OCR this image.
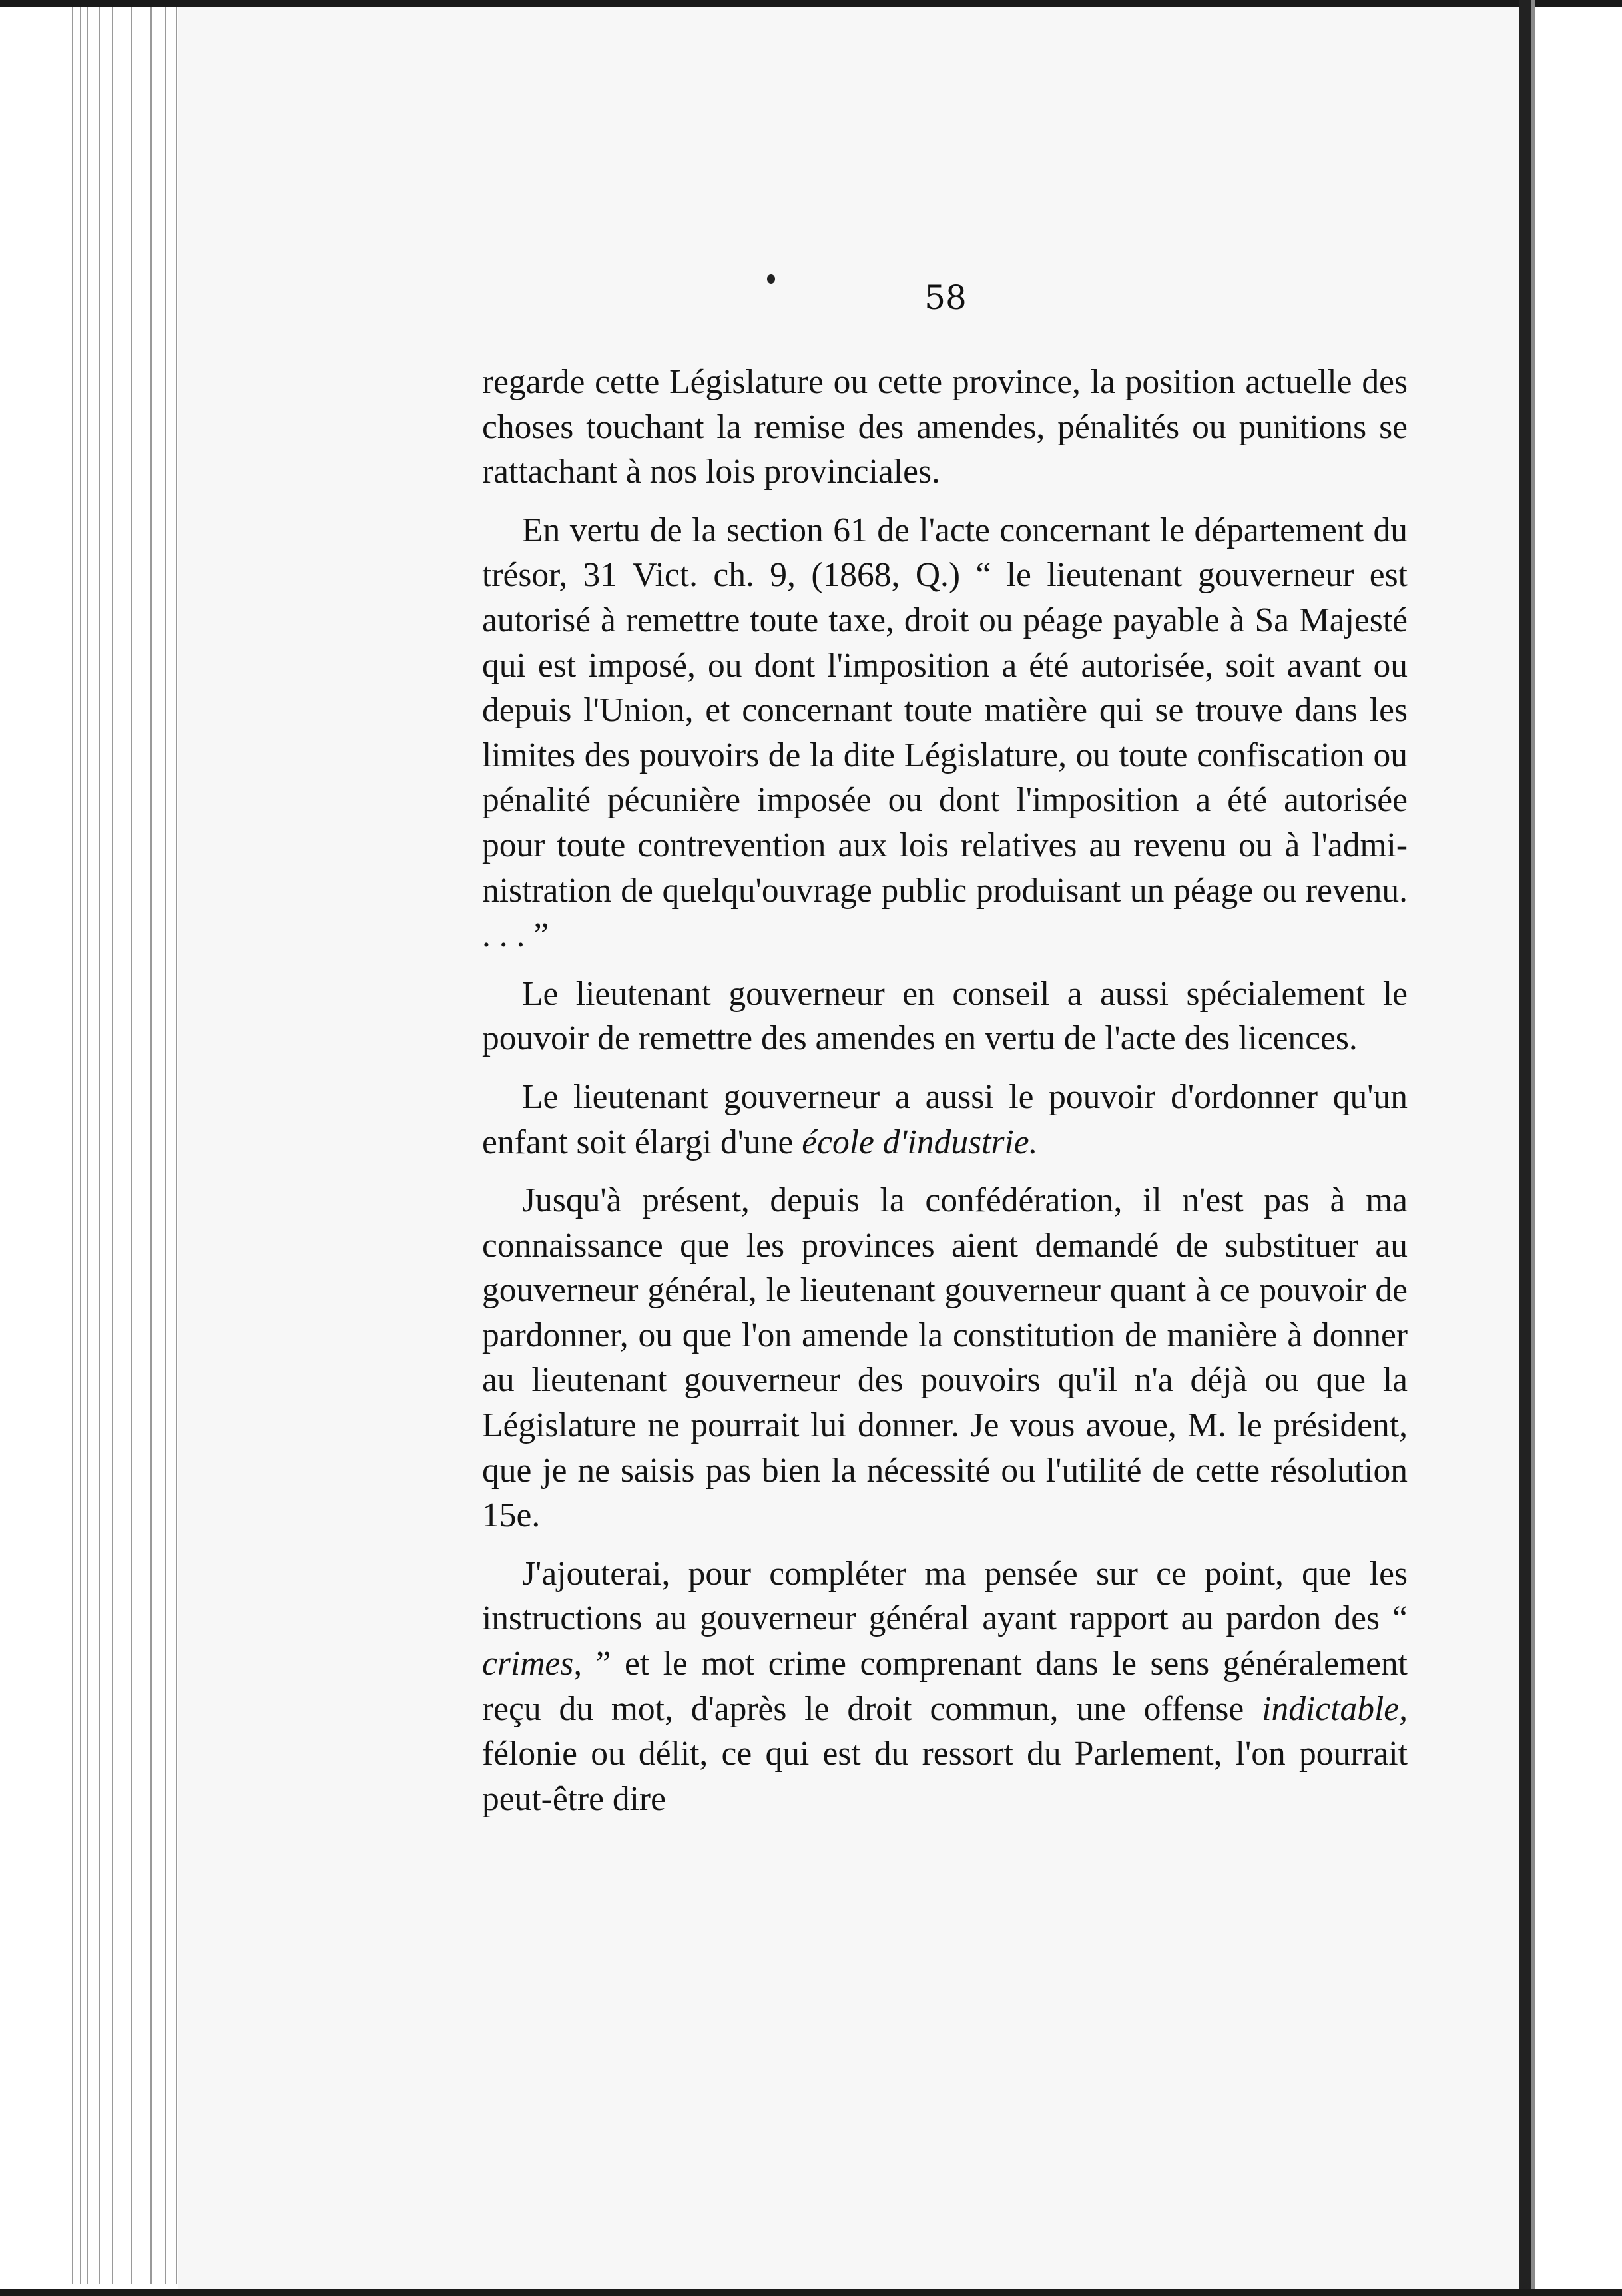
58

regarde cette Législature ou cette province, la position actuelle des choses touchant la remise des amendes, pénalités ou punitions se rattachant à nos lois provinciales.

En vertu de la section 61 de l'acte concernant le département du trésor, 31 Vict. ch. 9, (1868, Q.) “ le lieutenant gouverneur est autorisé à remettre toute taxe, droit ou péage payable à Sa Majesté qui est imposé, ou dont l'imposition a été autorisée, soit avant ou depuis l'Union, et concernant toute matière qui se trouve dans les limites des pouvoirs de la dite Législature, ou toute confiscation ou pénalité pécunière imposée ou dont l'imposition a été autorisée pour toute contrevention aux lois relatives au revenu ou à l'administration de quelqu'ouvrage public produisant un péage ou revenu. . . . ”

Le lieutenant gouverneur en conseil a aussi spécialement le pouvoir de remettre des amendes en vertu de l'acte des licences.

Le lieutenant gouverneur a aussi le pouvoir d'ordonner qu'un enfant soit élargi d'une école d'industrie.

Jusqu'à présent, depuis la confédération, il n'est pas à ma connaissance que les provinces aient demandé de substituer au gouverneur général, le lieutenant gouverneur quant à ce pouvoir de pardonner, ou que l'on amende la constitution de manière à donner au lieutenant gouverneur des pouvoirs qu'il n'a déjà ou que la Législature ne pourrait lui donner. Je vous avoue, M. le président, que je ne saisis pas bien la nécessité ou l'utilité de cette résolution 15e.

J'ajouterai, pour compléter ma pensée sur ce point, que les instructions au gouverneur général ayant rapport au pardon des “ crimes, ” et le mot crime comprenant dans le sens généralement reçu du mot, d'après le droit commun, une offense indictable, félonie ou délit, ce qui est du ressort du Parlement, l'on pourrait peut-être dire
